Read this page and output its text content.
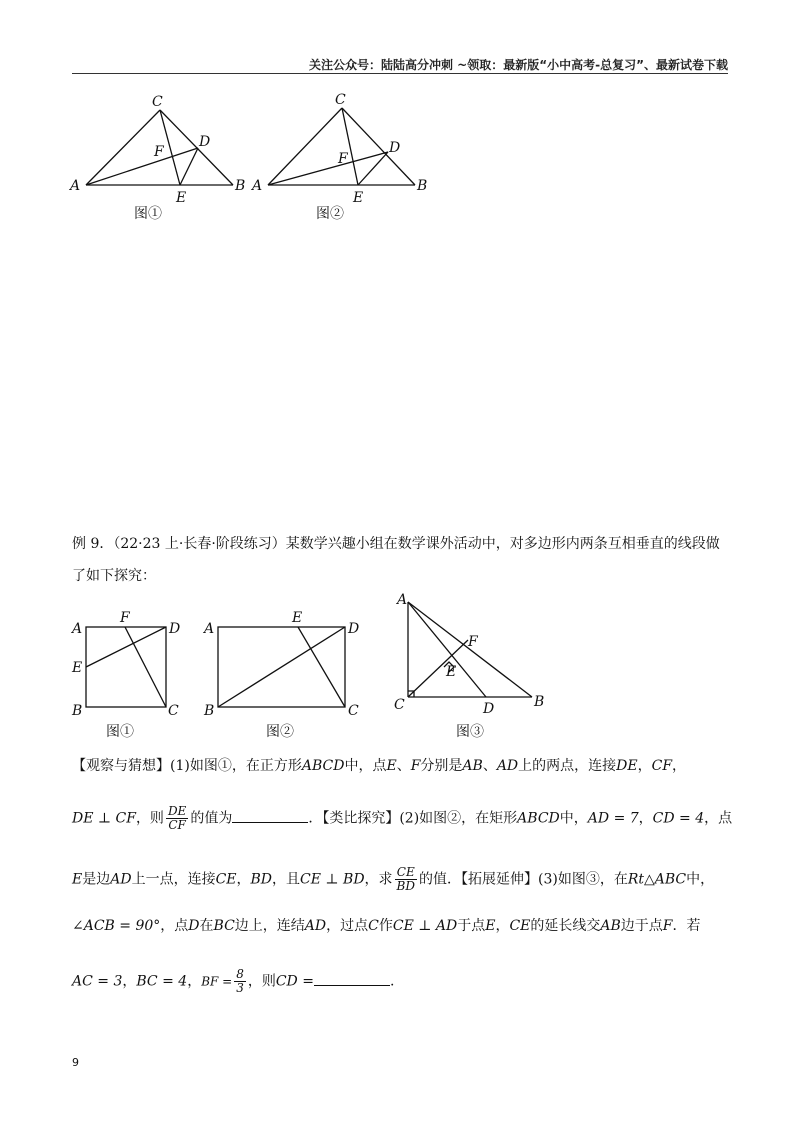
关注公众号：陆陆高分冲刺 ~领取：最新版“小中高考-总复习”、最新试卷下载
A	B
C
D
E
F
图①
A	B
C
D
E
F
图②
例 9．（22·23 上·长春·阶段练习）某数学兴趣小组在数学课外活动中，对多边形内两条互相垂直的线段做
了如下探究：
A
B	C
D
E
F
图①
A
B	C
D
E
图②
A
B
C	D
E
F
图③
【观察与猜想】(1)如图①，在正方形ABCD中，点E、F分别是AB、AD上的两点，连接DE，CF，
DE ⊥ CF，则 $\frac{DE}{CF}$ 的值为	．【类比探究】(2)如图②，在矩形ABCD中，AD = 7，CD = 4，点
E是边AD上一点，连接CE，BD，且CE ⊥ BD，求 $\frac{CE}{BD}$ 的值．【拓展延伸】(3)如图③，在Rt△ABC中，
∠ACB = 90°，点D在BC边上，连结AD，过点C作CE ⊥ AD于点E，CE的延长线交AB边于点F．若
AC = 3，BC = 4，BF = $\frac{8}{3}$ ，则CD =	.
9
